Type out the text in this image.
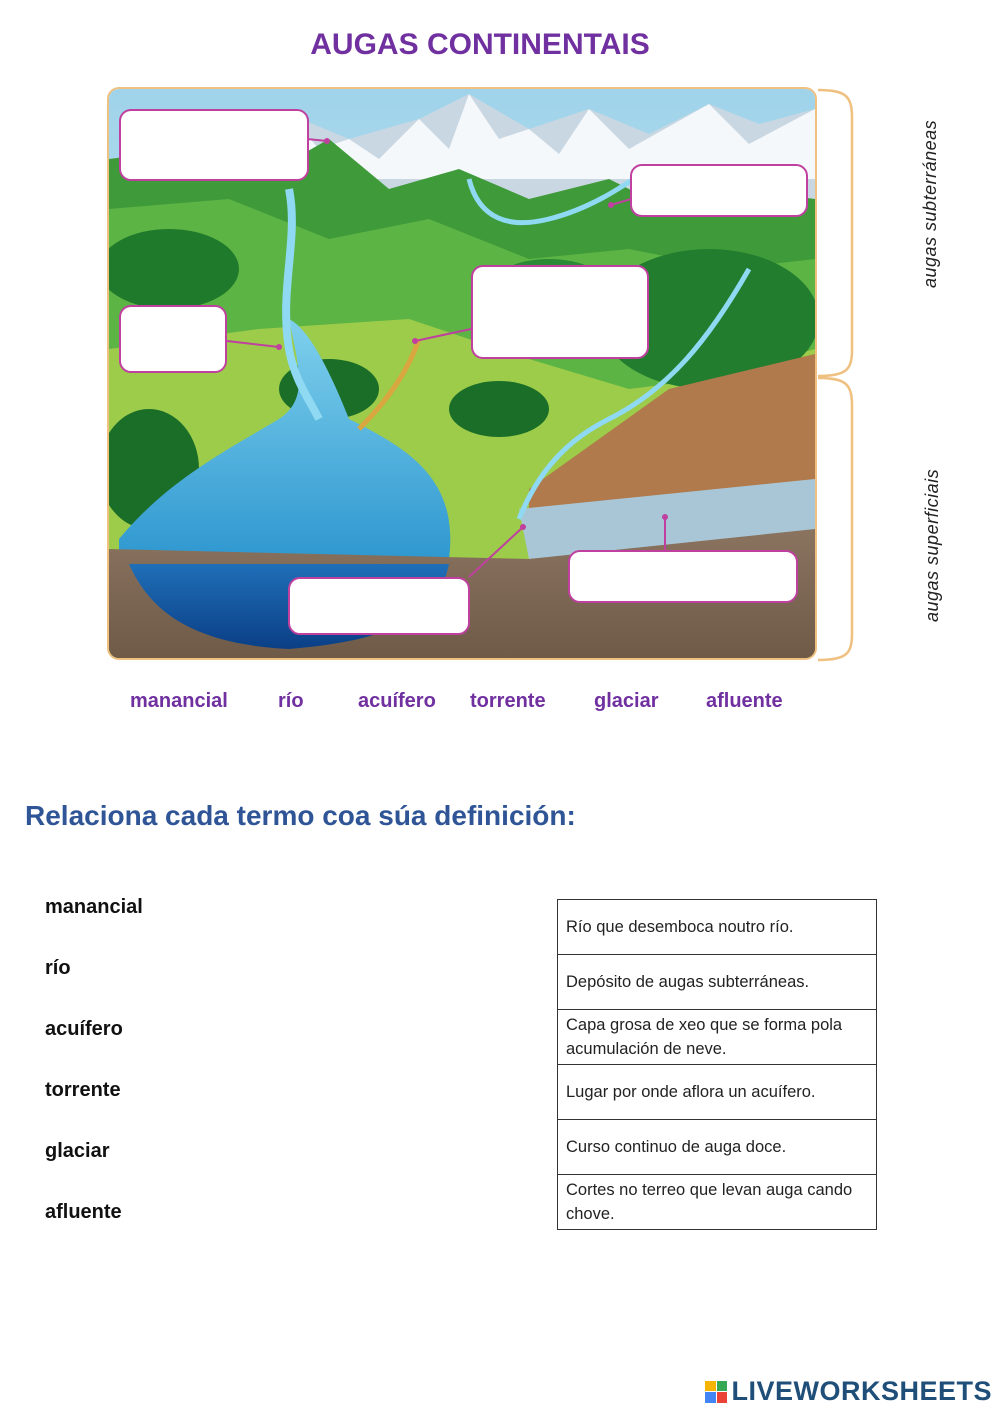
AUGAS CONTINENTAIS
augas subterráneas
augas superficiais
manancial	río	acuífero torrente glaciar afluente
Relaciona cada termo coa súa definición:
manancial
río
acuífero
torrente
glaciar
afluente
Río que desemboca noutro río.
Depósito de augas subterráneas.
Capa grosa de xeo que se forma pola acumulación de neve.
Lugar por onde aflora un acuífero.
Curso continuo de auga doce.
Cortes no terreo que levan auga cando chove.
LIVEWORKSHEETS
